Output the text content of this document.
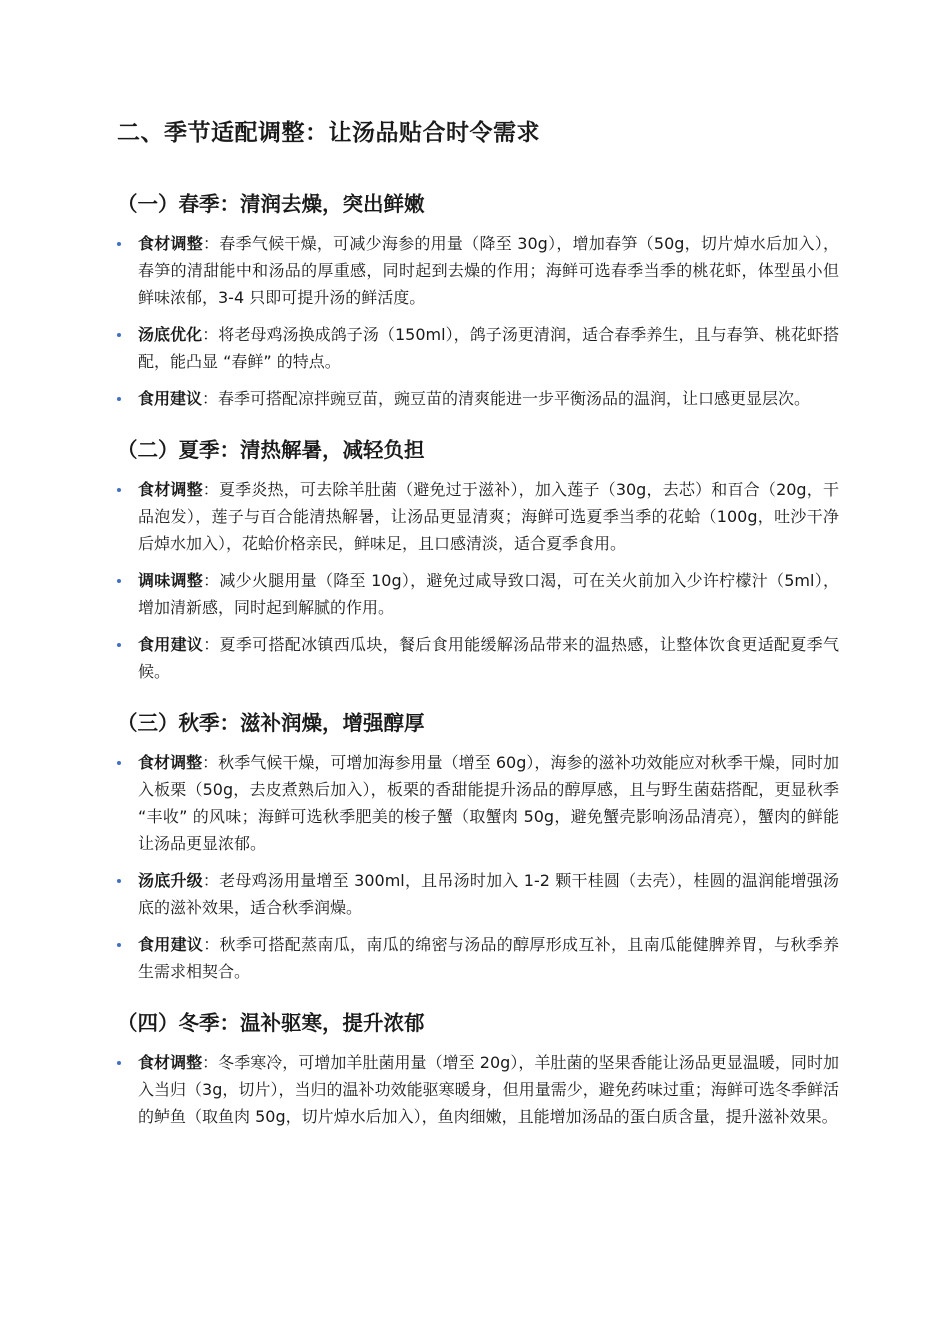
二、季节适配调整：让汤品贴合时令需求
（一）春季：清润去燥，突出鲜嫩
食材调整：春季气候干燥，可减少海参的用量（降至 30g），增加春笋（50g，切片焯水后加入），春笋的清甜能中和汤品的厚重感，同时起到去燥的作用；海鲜可选春季当季的桃花虾，体型虽小但鲜味浓郁，3-4 只即可提升汤的鲜活度。
汤底优化：将老母鸡汤换成鸽子汤（150ml），鸽子汤更清润，适合春季养生，且与春笋、桃花虾搭配，能凸显 “春鲜” 的特点。
食用建议：春季可搭配凉拌豌豆苗，豌豆苗的清爽能进一步平衡汤品的温润，让口感更显层次。
（二）夏季：清热解暑，减轻负担
食材调整：夏季炎热，可去除羊肚菌（避免过于滋补），加入莲子（30g，去芯）和百合（20g，干品泡发），莲子与百合能清热解暑，让汤品更显清爽；海鲜可选夏季当季的花蛤（100g，吐沙干净后焯水加入），花蛤价格亲民，鲜味足，且口感清淡，适合夏季食用。
调味调整：减少火腿用量（降至 10g），避免过咸导致口渴，可在关火前加入少许柠檬汁（5ml），增加清新感，同时起到解腻的作用。
食用建议：夏季可搭配冰镇西瓜块，餐后食用能缓解汤品带来的温热感，让整体饮食更适配夏季气候。
（三）秋季：滋补润燥，增强醇厚
食材调整：秋季气候干燥，可增加海参用量（增至 60g），海参的滋补功效能应对秋季干燥，同时加入板栗（50g，去皮煮熟后加入），板栗的香甜能提升汤品的醇厚感，且与野生菌菇搭配，更显秋季 “丰收” 的风味；海鲜可选秋季肥美的梭子蟹（取蟹肉 50g，避免蟹壳影响汤品清亮），蟹肉的鲜能让汤品更显浓郁。
汤底升级：老母鸡汤用量增至 300ml，且吊汤时加入 1-2 颗干桂圆（去壳），桂圆的温润能增强汤底的滋补效果，适合秋季润燥。
食用建议：秋季可搭配蒸南瓜，南瓜的绵密与汤品的醇厚形成互补，且南瓜能健脾养胃，与秋季养生需求相契合。
（四）冬季：温补驱寒，提升浓郁
食材调整：冬季寒冷，可增加羊肚菌用量（增至 20g），羊肚菌的坚果香能让汤品更显温暖，同时加入当归（3g，切片），当归的温补功效能驱寒暖身，但用量需少，避免药味过重；海鲜可选冬季鲜活的鲈鱼（取鱼肉 50g，切片焯水后加入），鱼肉细嫩，且能增加汤品的蛋白质含量，提升滋补效果。
